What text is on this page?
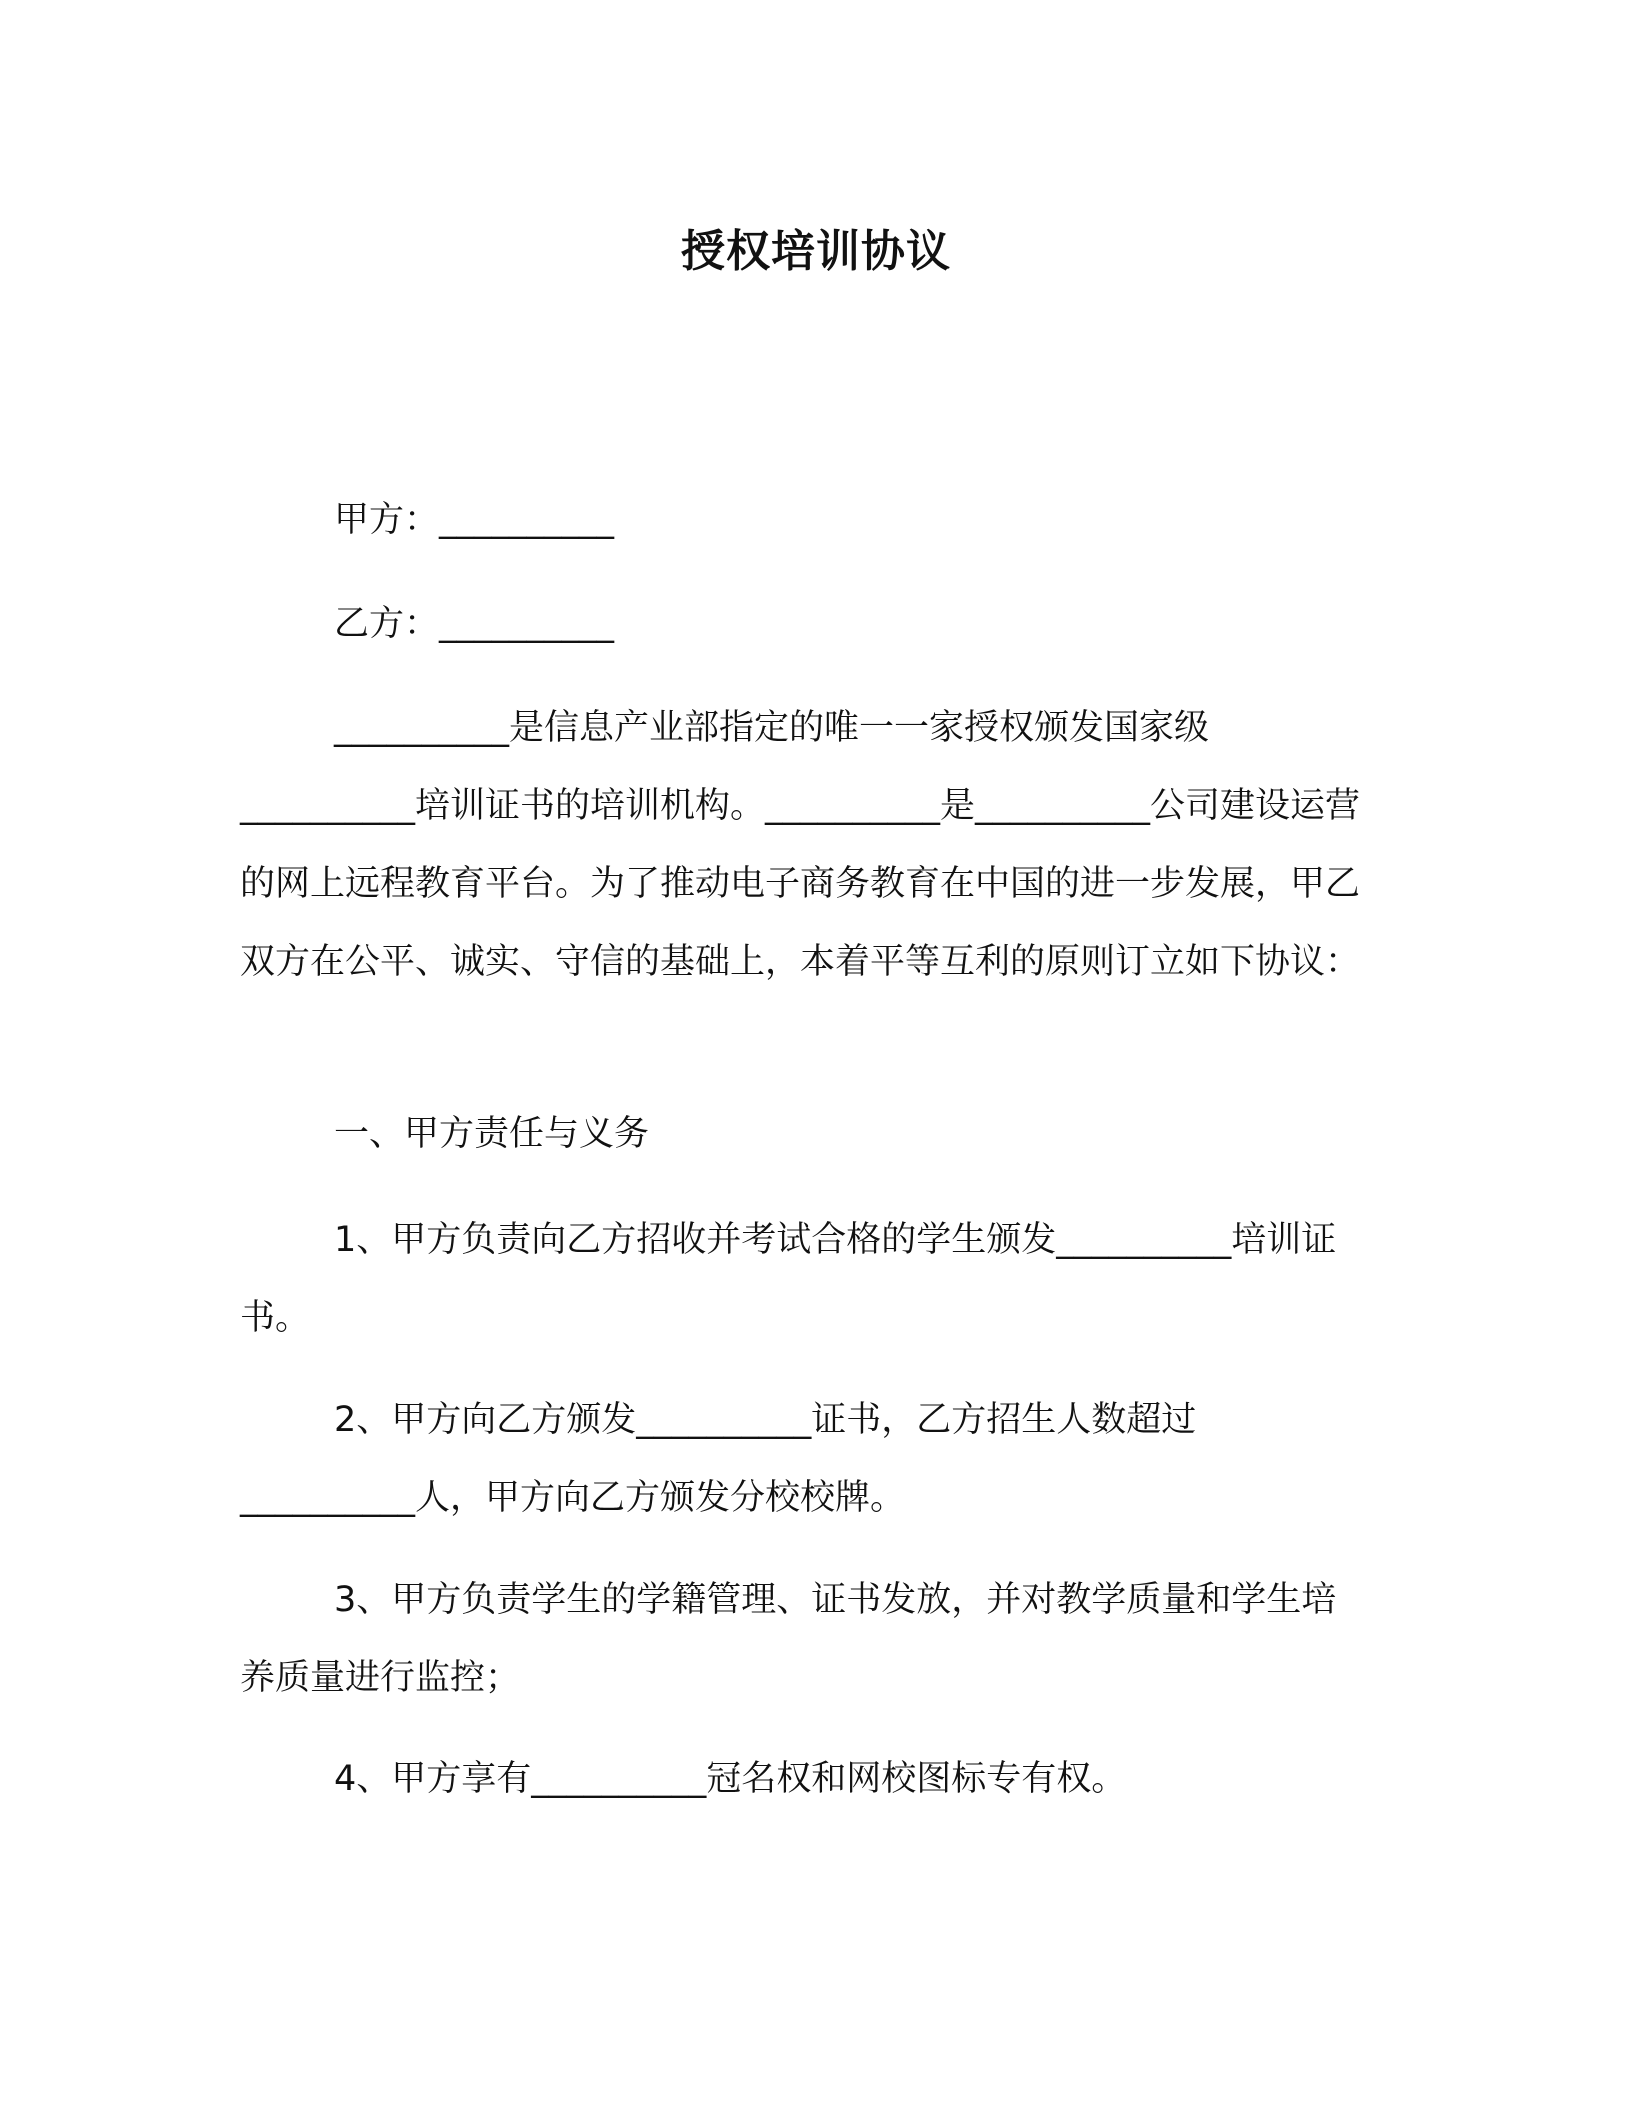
授权培训协议

甲方：__________

乙方：__________

__________是信息产业部指定的唯一一家授权颁发国家级__________培训证书的培训机构。__________是__________公司建设运营的网上远程教育平台。为了推动电子商务教育在中国的进一步发展，甲乙双方在公平、诚实、守信的基础上，本着平等互利的原则订立如下协议：

一、甲方责任与义务

1、甲方负责向乙方招收并考试合格的学生颁发__________培训证书。

2、甲方向乙方颁发__________证书，乙方招生人数超过__________人，甲方向乙方颁发分校校牌。

3、甲方负责学生的学籍管理、证书发放，并对教学质量和学生培养质量进行监控；

4、甲方享有__________冠名权和网校图标专有权。
